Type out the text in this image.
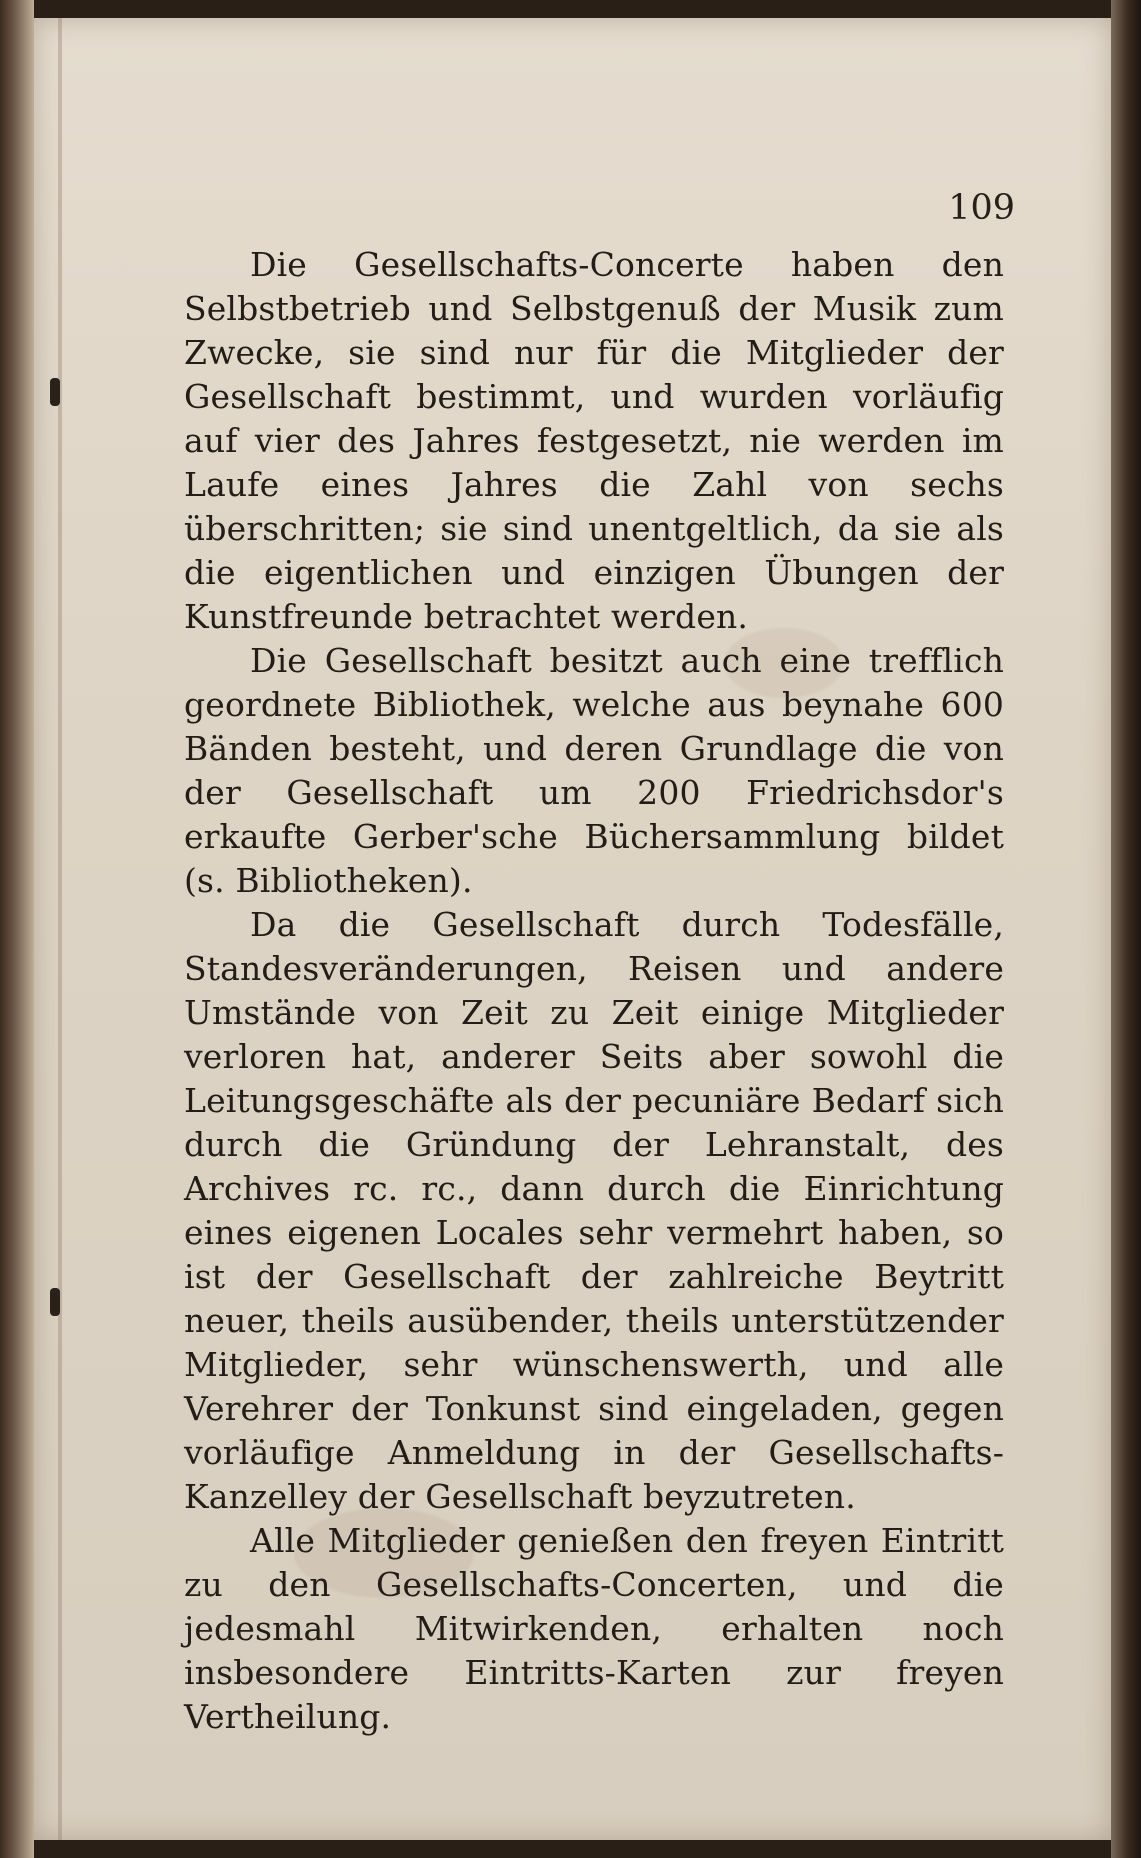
109

Die Gesellschafts-Concerte haben den Selbstbetrieb und Selbstgenuß der Musik zum Zwecke, sie sind nur für die Mitglieder der Gesellschaft bestimmt, und wurden vorläufig auf vier des Jahres festgesetzt, nie werden im Laufe eines Jahres die Zahl von sechs überschritten; sie sind unentgeltlich, da sie als die eigentlichen und einzigen Übungen der Kunstfreunde betrachtet werden.

Die Gesellschaft besitzt auch eine trefflich geordnete Bibliothek, welche aus beynahe 600 Bänden besteht, und deren Grundlage die von der Gesellschaft um 200 Friedrichsdor's erkaufte Gerber'sche Büchersammlung bildet (s. Bibliotheken).

Da die Gesellschaft durch Todesfälle, Standesveränderungen, Reisen und andere Umstände von Zeit zu Zeit einige Mitglieder verloren hat, anderer Seits aber sowohl die Leitungsgeschäfte als der pecuniäre Bedarf sich durch die Gründung der Lehranstalt, des Archives rc. rc., dann durch die Einrichtung eines eigenen Locales sehr vermehrt haben, so ist der Gesellschaft der zahlreiche Beytritt neuer, theils ausübender, theils unterstützender Mitglieder, sehr wünschenswerth, und alle Verehrer der Tonkunst sind eingeladen, gegen vorläufige Anmeldung in der Gesellschafts-Kanzelley der Gesellschaft beyzutreten.

Alle Mitglieder genießen den freyen Eintritt zu den Gesellschafts-Concerten, und die jedesmahl Mitwirkenden, erhalten noch insbesondere Eintritts-Karten zur freyen Vertheilung.
